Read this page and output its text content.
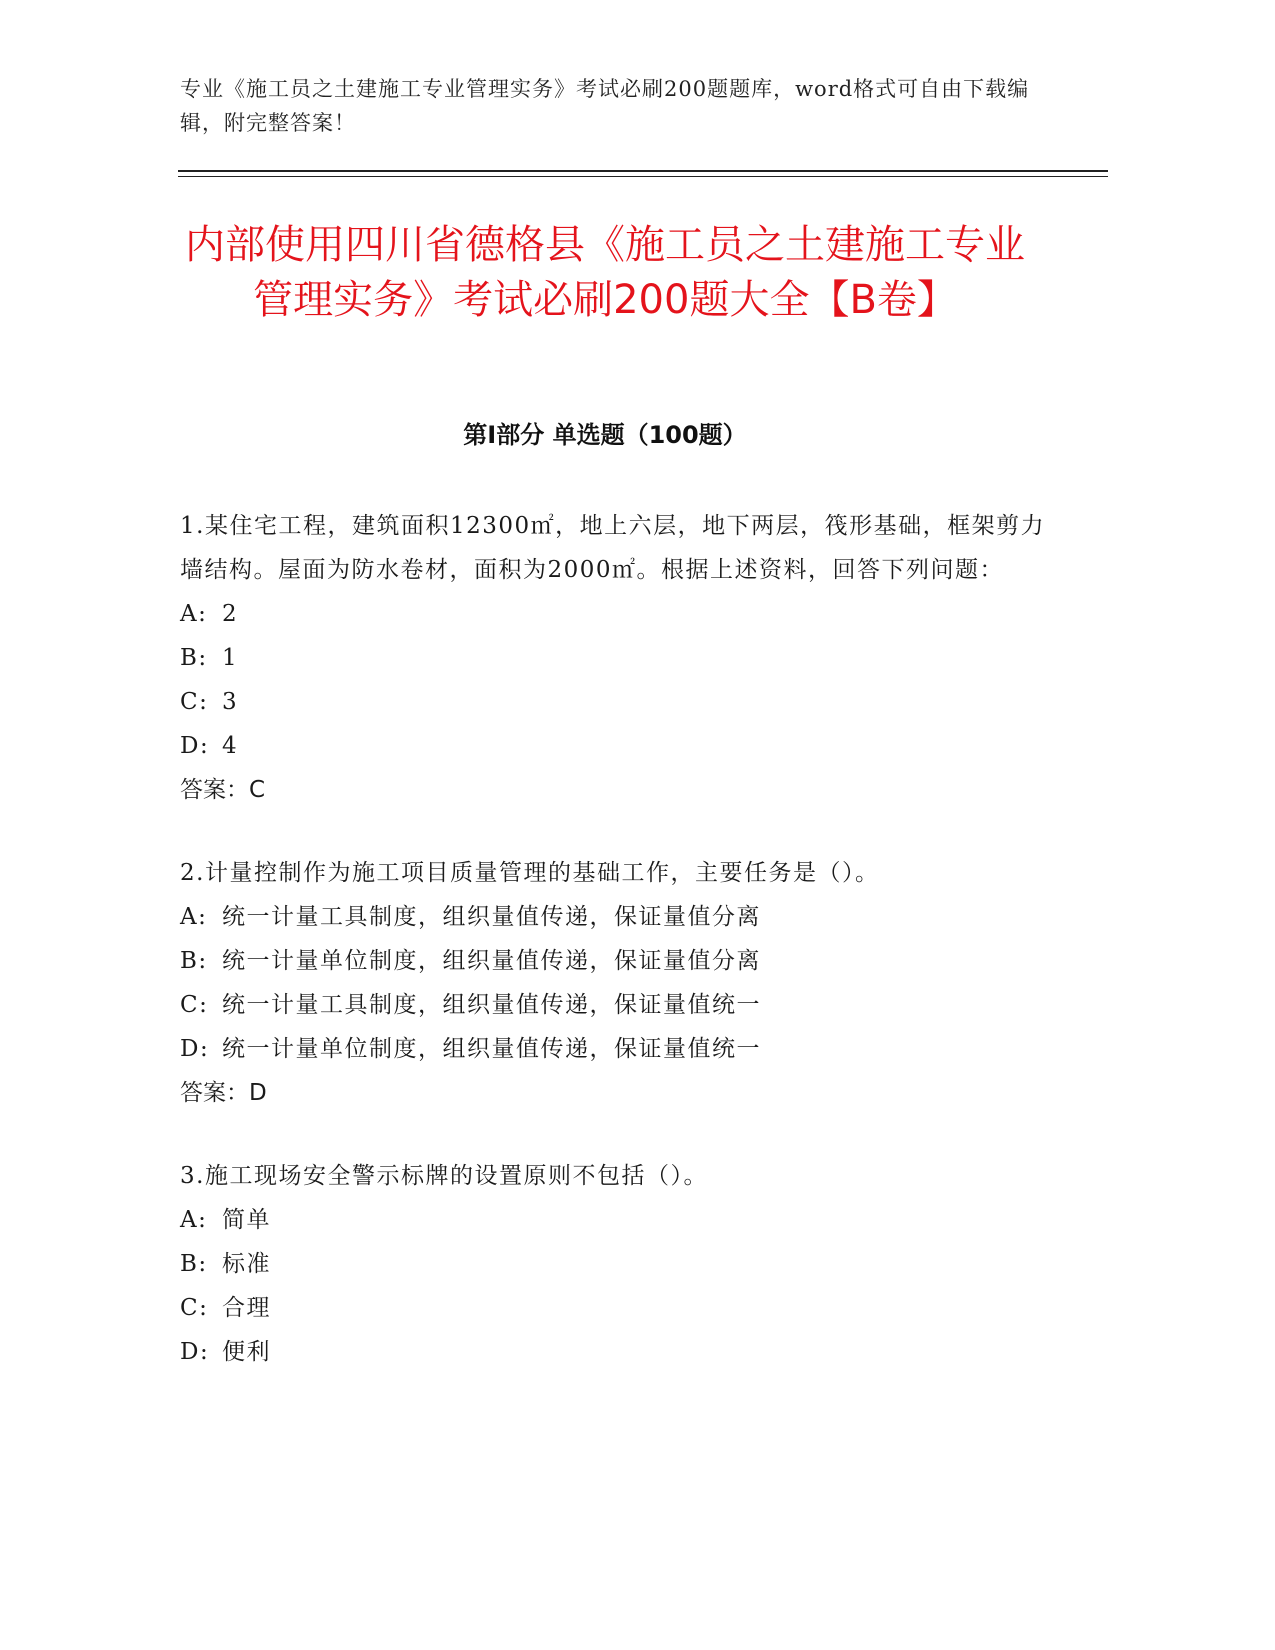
专业《施工员之土建施工专业管理实务》考试必刷200题题库，word格式可自由下载编辑，附完整答案！
内部使用四川省德格县《施工员之土建施工专业管理实务》考试必刷200题大全【B卷】
第Ⅰ部分 单选题（100题）

1.某住宅工程，建筑面积12300㎡，地上六层，地下两层，筏形基础，框架剪力墙结构。屋面为防水卷材，面积为2000㎡。根据上述资料，回答下列问题：

A: 2

B: 1

C: 3

D: 4

答案：C

2.计量控制作为施工项目质量管理的基础工作，主要任务是（）。

A: 统一计量工具制度，组织量值传递，保证量值分离

B: 统一计量单位制度，组织量值传递，保证量值分离

C: 统一计量工具制度，组织量值传递，保证量值统一

D: 统一计量单位制度，组织量值传递，保证量值统一

答案：D

3.施工现场安全警示标牌的设置原则不包括（）。

A: 简单

B: 标准

C: 合理

D: 便利
